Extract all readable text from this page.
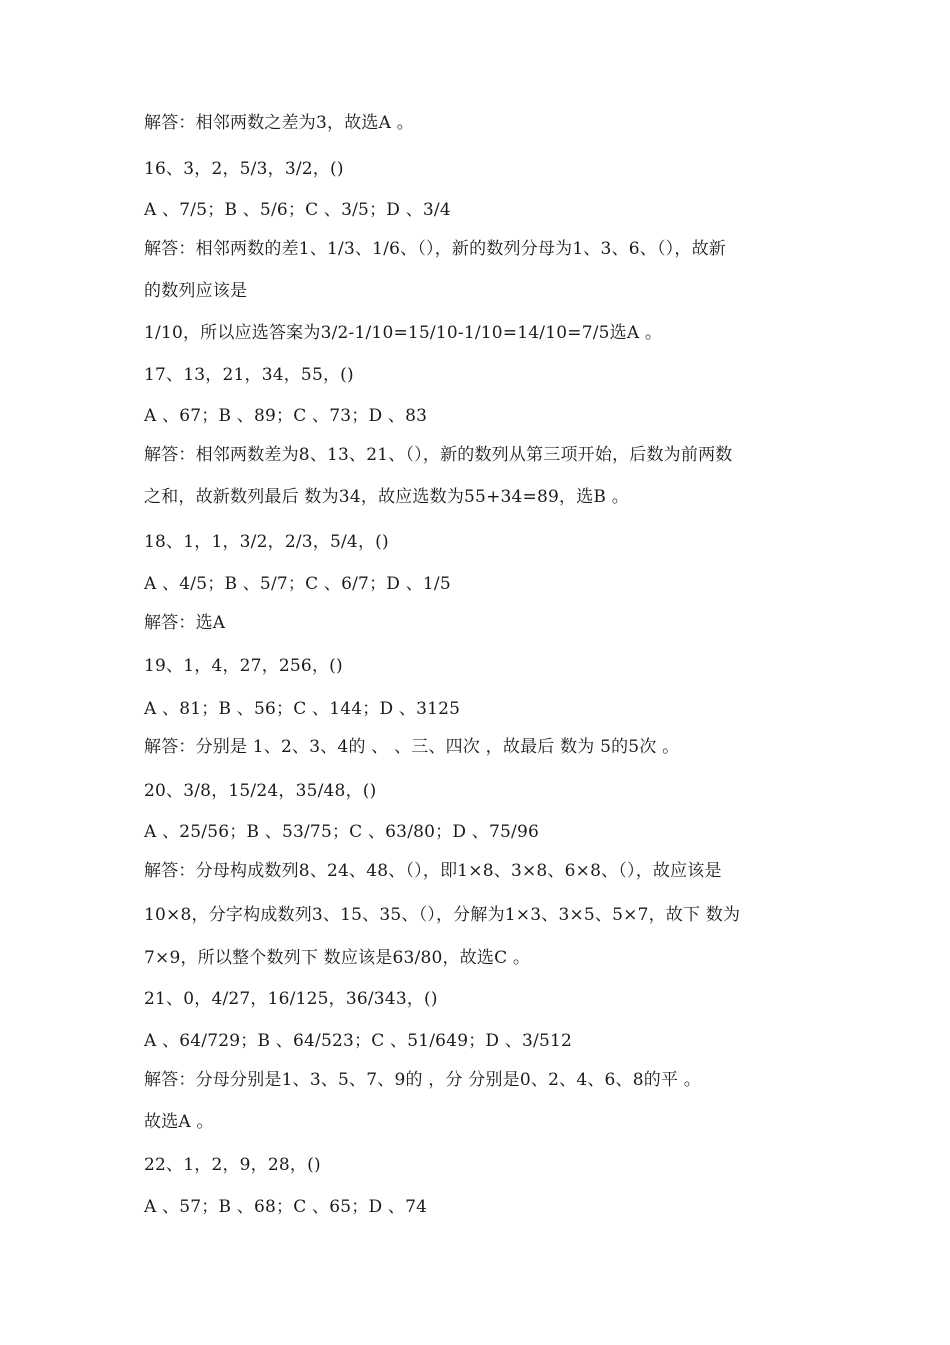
解答：相邻两数之差为3，故选A 。

16、3，2，5/3，3/2，()

A 、7/5；B 、5/6；C 、3/5；D 、3/4

解答：相邻两数的差1、1/3、1/6、（），新的数列分母为1、3、6、（），故新

的数列应该是

1/10，所以应选答案为3/2-1/10=15/10-1/10=14/10=7/5选A 。

17、13，21，34，55，()

A 、67；B 、89；C 、73；D 、83

解答：相邻两数差为8、13、21、（），新的数列从第三项开始，后数为前两数

之和，故新数列最后 数为34，故应选数为55+34=89，选B 。

18、1，1，3/2，2/3，5/4，()

A 、4/5；B 、5/7；C 、6/7；D 、1/5

解答：选A

19、1，4，27，256，()

A 、81；B 、56；C 、144；D 、3125

解答：分别是 1、2、3、4的 、 、三、四次 ，故最后 数为 5的5次 。

20、3/8，15/24，35/48，()

A 、25/56；B 、53/75；C 、63/80；D 、75/96

解答：分母构成数列8、24、48、（），即1×8、3×8、6×8、（），故应该是

10×8，分字构成数列3、15、35、（），分解为1×3、3×5、5×7，故下 数为

7×9，所以整个数列下 数应该是63/80，故选C 。

21、0，4/27，16/125，36/343，()

A 、64/729；B 、64/523；C 、51/649；D 、3/512

解答：分母分别是1、3、5、7、9的 ，分 分别是0、2、4、6、8的平 。

故选A 。

22、1，2，9，28，()

A 、57；B 、68；C 、65；D 、74
